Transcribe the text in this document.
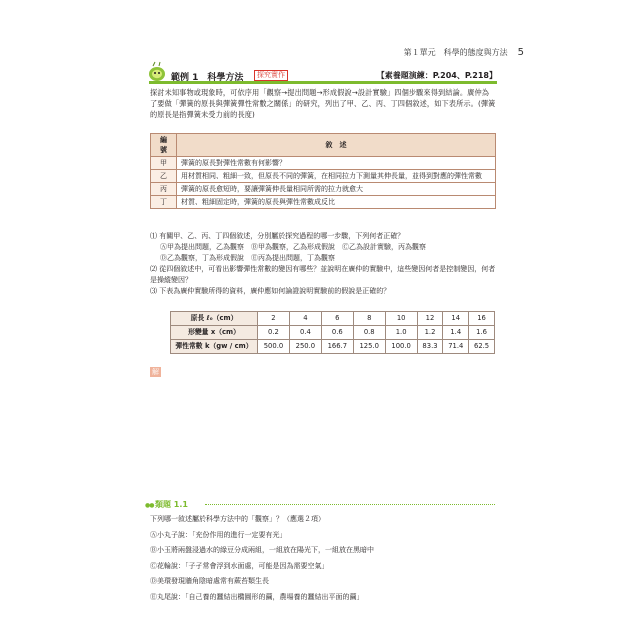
第１單元　科學的態度與方法 5
範例 1　科學方法	探究實作	【素養題演練：P.204、P.218】
探討未知事物或現象時，可依序用「觀察→提出問題→形成假說→設計實驗」四個步驟來得到結論。廣仲為了要做「彈簧的原長與彈簧彈性常數之關係」的研究，列出了甲、乙、丙、丁四個敘述，如下表所示。(彈簧的原長是指彈簧未受力前的長度)
編　號	敘　述
甲	彈簧的原長對彈性常數有何影響？
乙	用材質相同、粗細一致，但原長不同的彈簧，在相同拉力下測量其伸長量，並得到對應的彈性常數
丙	彈簧的原長愈短時，要讓彈簧伸長量相同所需的拉力就愈大
丁	材質、粗細固定時，彈簧的原長與彈性常數成反比
⑴ 有關甲、乙、丙、丁四個敘述，分別屬於探究過程的哪一步驟，下列何者正確？
Ⓐ甲為提出問題，乙為觀察　Ⓑ甲為觀察，乙為形成假說　Ⓒ乙為設計實驗，丙為觀察
Ⓓ乙為觀察，丁為形成假說　Ⓔ丙為提出問題，丁為觀察
⑵ 從四個敘述中，可看出影響彈性常數的變因有哪些？並說明在廣仲的實驗中，這些變因何者是控制變因，何者是操縱變因？
⑶ 下表為廣仲實驗所得的資料，廣仲應如何論證說明實驗前的假說是正確的？
原長 ℓ₀（cm）	2	4	6	8	10	12	14	16
形變量 x（cm）	0.2	0.4	0.6	0.8	1.0	1.2	1.4	1.6
彈性常數 k（gw / cm）	500.0	250.0	166.7	125.0	100.0	83.3	71.4	62.5
解
●● 類題 1.1
下列哪一敘述屬於科學方法中的「觀察」？（應選２項）
Ⓐ小丸子說：「充份作用的進行一定要有光」
Ⓑ小玉將兩盤浸過水的綠豆分成兩組，一組放在陽光下，一組放在黑暗中
Ⓒ花輪說：「子孑常會浮到水面處，可能是因為需要空氣」
Ⓓ美環發現牆角陰暗處常有蕨苔類生長
Ⓔ丸尾說：「自己養的蠶結出橢圓形的繭，農場養的蠶結出平面的繭」
